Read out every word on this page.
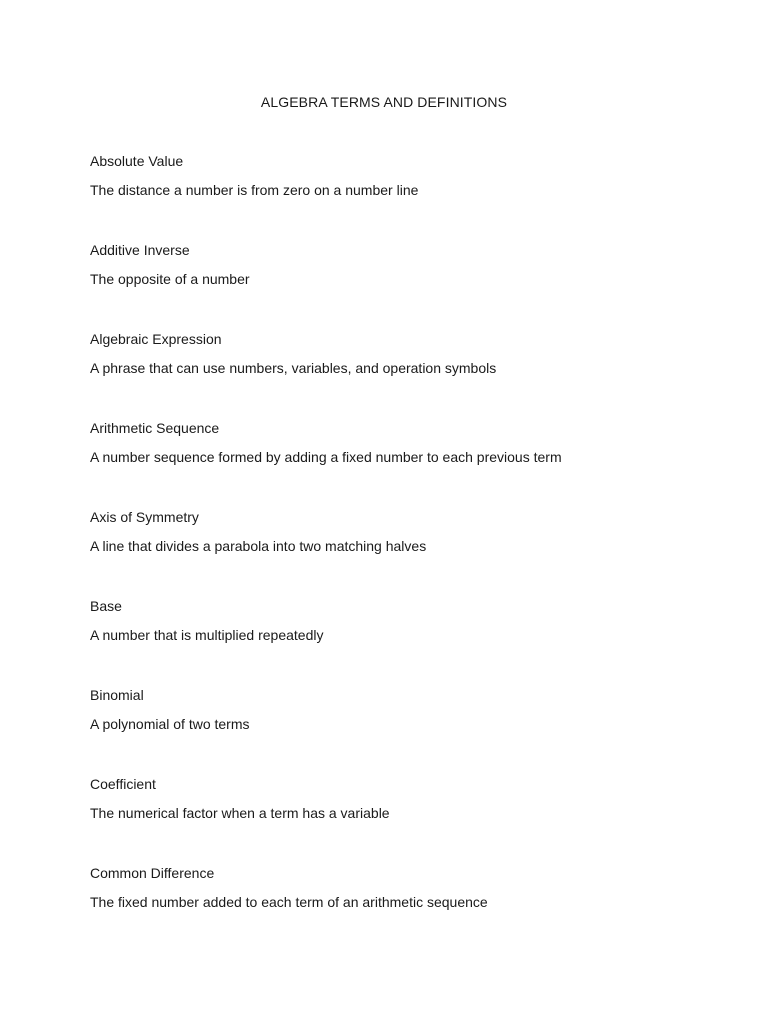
ALGEBRA TERMS AND DEFINITIONS
Absolute Value
The distance a number is from zero on a number line
Additive Inverse
The opposite of a number
Algebraic Expression
A phrase that can use numbers, variables, and operation symbols
Arithmetic Sequence
A number sequence formed by adding a fixed number to each previous term
Axis of Symmetry
A line that divides a parabola into two matching halves
Base
A number that is multiplied repeatedly
Binomial
A polynomial of two terms
Coefficient
The numerical factor when a term has a variable
Common Difference
The fixed number added to each term of an arithmetic sequence
